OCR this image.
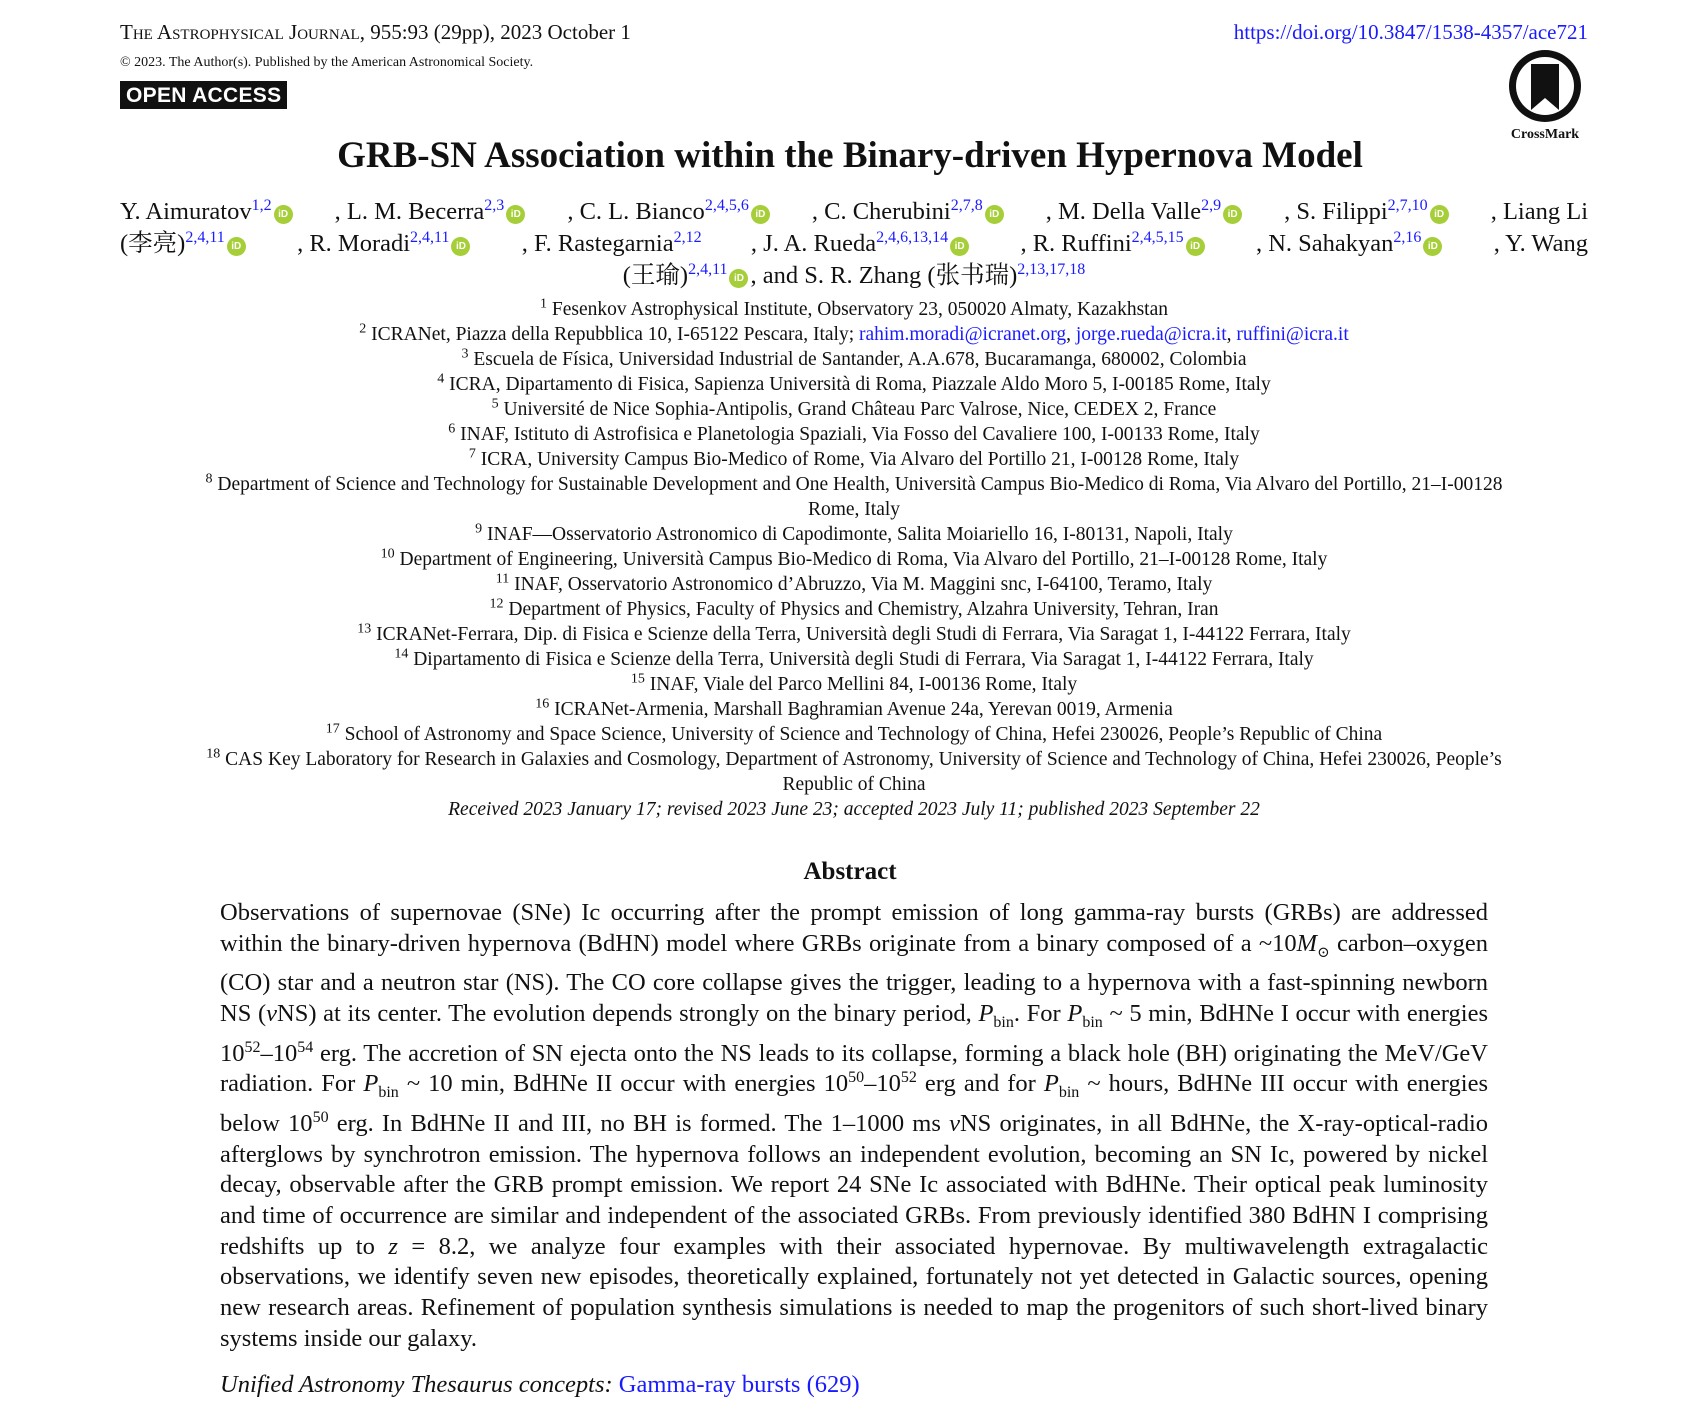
The Astrophysical Journal, 955:93 (29pp), 2023 October 1	https://doi.org/10.3847/1538-4357/ace721
© 2023. The Author(s). Published by the American Astronomical Society.
OPEN ACCESS
CrossMark
GRB-SN Association within the Binary-driven Hypernova Model
Y. Aimuratov$^{1,2}$iD , L. M. Becerra$^{2,3}$iD , C. L. Bianco$^{2,4,5,6}$iD , C. Cherubini$^{2,7,8}$iD , M. Della Valle$^{2,9}$iD , S. Filippi$^{2,7,10}$iD , Liang Li
(李亮)$^{2,4,11}$iD , R. Moradi$^{2,4,11}$iD , F. Rastegarnia$^{2,12}$ , J. A. Rueda$^{2,4,6,13,14}$iD , R. Ruffini$^{2,4,5,15}$iD , N. Sahakyan$^{2,16}$iD , Y. Wang
(王瑜)$^{2,4,11}$iD , and S. R. Zhang (张书瑞)$^{2,13,17,18}$
$^1$ Fesenkov Astrophysical Institute, Observatory 23, 050020 Almaty, Kazakhstan
$^2$ ICRANet, Piazza della Repubblica 10, I-65122 Pescara, Italy; rahim.moradi@icranet.org, jorge.rueda@icra.it, ruffini@icra.it
$^3$ Escuela de Física, Universidad Industrial de Santander, A.A.678, Bucaramanga, 680002, Colombia
$^4$ ICRA, Dipartamento di Fisica, Sapienza Università di Roma, Piazzale Aldo Moro 5, I-00185 Rome, Italy
$^5$ Université de Nice Sophia-Antipolis, Grand Château Parc Valrose, Nice, CEDEX 2, France
$^6$ INAF, Istituto di Astrofisica e Planetologia Spaziali, Via Fosso del Cavaliere 100, I-00133 Rome, Italy
$^7$ ICRA, University Campus Bio-Medico of Rome, Via Alvaro del Portillo 21, I-00128 Rome, Italy
$^8$ Department of Science and Technology for Sustainable Development and One Health, Università Campus Bio-Medico di Roma, Via Alvaro del Portillo, 21–I-00128
Rome, Italy
$^9$ INAF—Osservatorio Astronomico di Capodimonte, Salita Moiariello 16, I-80131, Napoli, Italy
$^{10}$ Department of Engineering, Università Campus Bio-Medico di Roma, Via Alvaro del Portillo, 21–I-00128 Rome, Italy
$^{11}$ INAF, Osservatorio Astronomico d’Abruzzo, Via M. Maggini snc, I-64100, Teramo, Italy
$^{12}$ Department of Physics, Faculty of Physics and Chemistry, Alzahra University, Tehran, Iran
$^{13}$ ICRANet-Ferrara, Dip. di Fisica e Scienze della Terra, Università degli Studi di Ferrara, Via Saragat 1, I-44122 Ferrara, Italy
$^{14}$ Dipartamento di Fisica e Scienze della Terra, Università degli Studi di Ferrara, Via Saragat 1, I-44122 Ferrara, Italy
$^{15}$ INAF, Viale del Parco Mellini 84, I-00136 Rome, Italy
$^{16}$ ICRANet-Armenia, Marshall Baghramian Avenue 24a, Yerevan 0019, Armenia
$^{17}$ School of Astronomy and Space Science, University of Science and Technology of China, Hefei 230026, People’s Republic of China
$^{18}$ CAS Key Laboratory for Research in Galaxies and Cosmology, Department of Astronomy, University of Science and Technology of China, Hefei 230026, People’s
Republic of China
Received 2023 January 17; revised 2023 June 23; accepted 2023 July 11; published 2023 September 22
Abstract
Observations of supernovae (SNe) Ic occurring after the prompt emission of long gamma-ray bursts (GRBs) are addressed within the binary-driven hypernova (BdHN) model where GRBs originate from a binary composed of a $\sim 10M_⊙$ carbon–oxygen (CO) star and a neutron star (NS). The CO core collapse gives the trigger, leading to a hypernova with a fast-spinning newborn NS (νNS) at its center. The evolution depends strongly on the binary period, $P_{bin}$. For $P_{bin}$ ~ 5 min, BdHNe I occur with energies $10^{52}-10^{54}$ erg. The accretion of SN ejecta onto the NS leads to its collapse, forming a black hole (BH) originating the MeV/GeV radiation. For $P_{bin}$ ~ 10 min, BdHNe II occur with energies $10^{50}-10^{52}$ erg and for $P_{bin}$ ~ hours, BdHNe III occur with energies below $10^{50}$ erg. In BdHNe II and III, no BH is formed. The 1–1000 ms νNS originates, in all BdHNe, the X-ray-optical-radio afterglows by synchrotron emission. The hypernova follows an independent evolution, becoming an SN Ic, powered by nickel decay, observable after the GRB prompt emission. We report 24 SNe Ic associated with BdHNe. Their optical peak luminosity and time of occurrence are similar and independent of the associated GRBs. From previously identified 380 BdHN I comprising redshifts up to z = 8.2, we analyze four examples with their associated hypernovae. By multiwavelength extragalactic observations, we identify seven new episodes, theoretically explained, fortunately not yet detected in Galactic sources, opening new research areas. Refinement of population synthesis simulations is needed to map the progenitors of such short-lived binary systems inside our galaxy.
Unified Astronomy Thesaurus concepts: Gamma-ray bursts (629)
